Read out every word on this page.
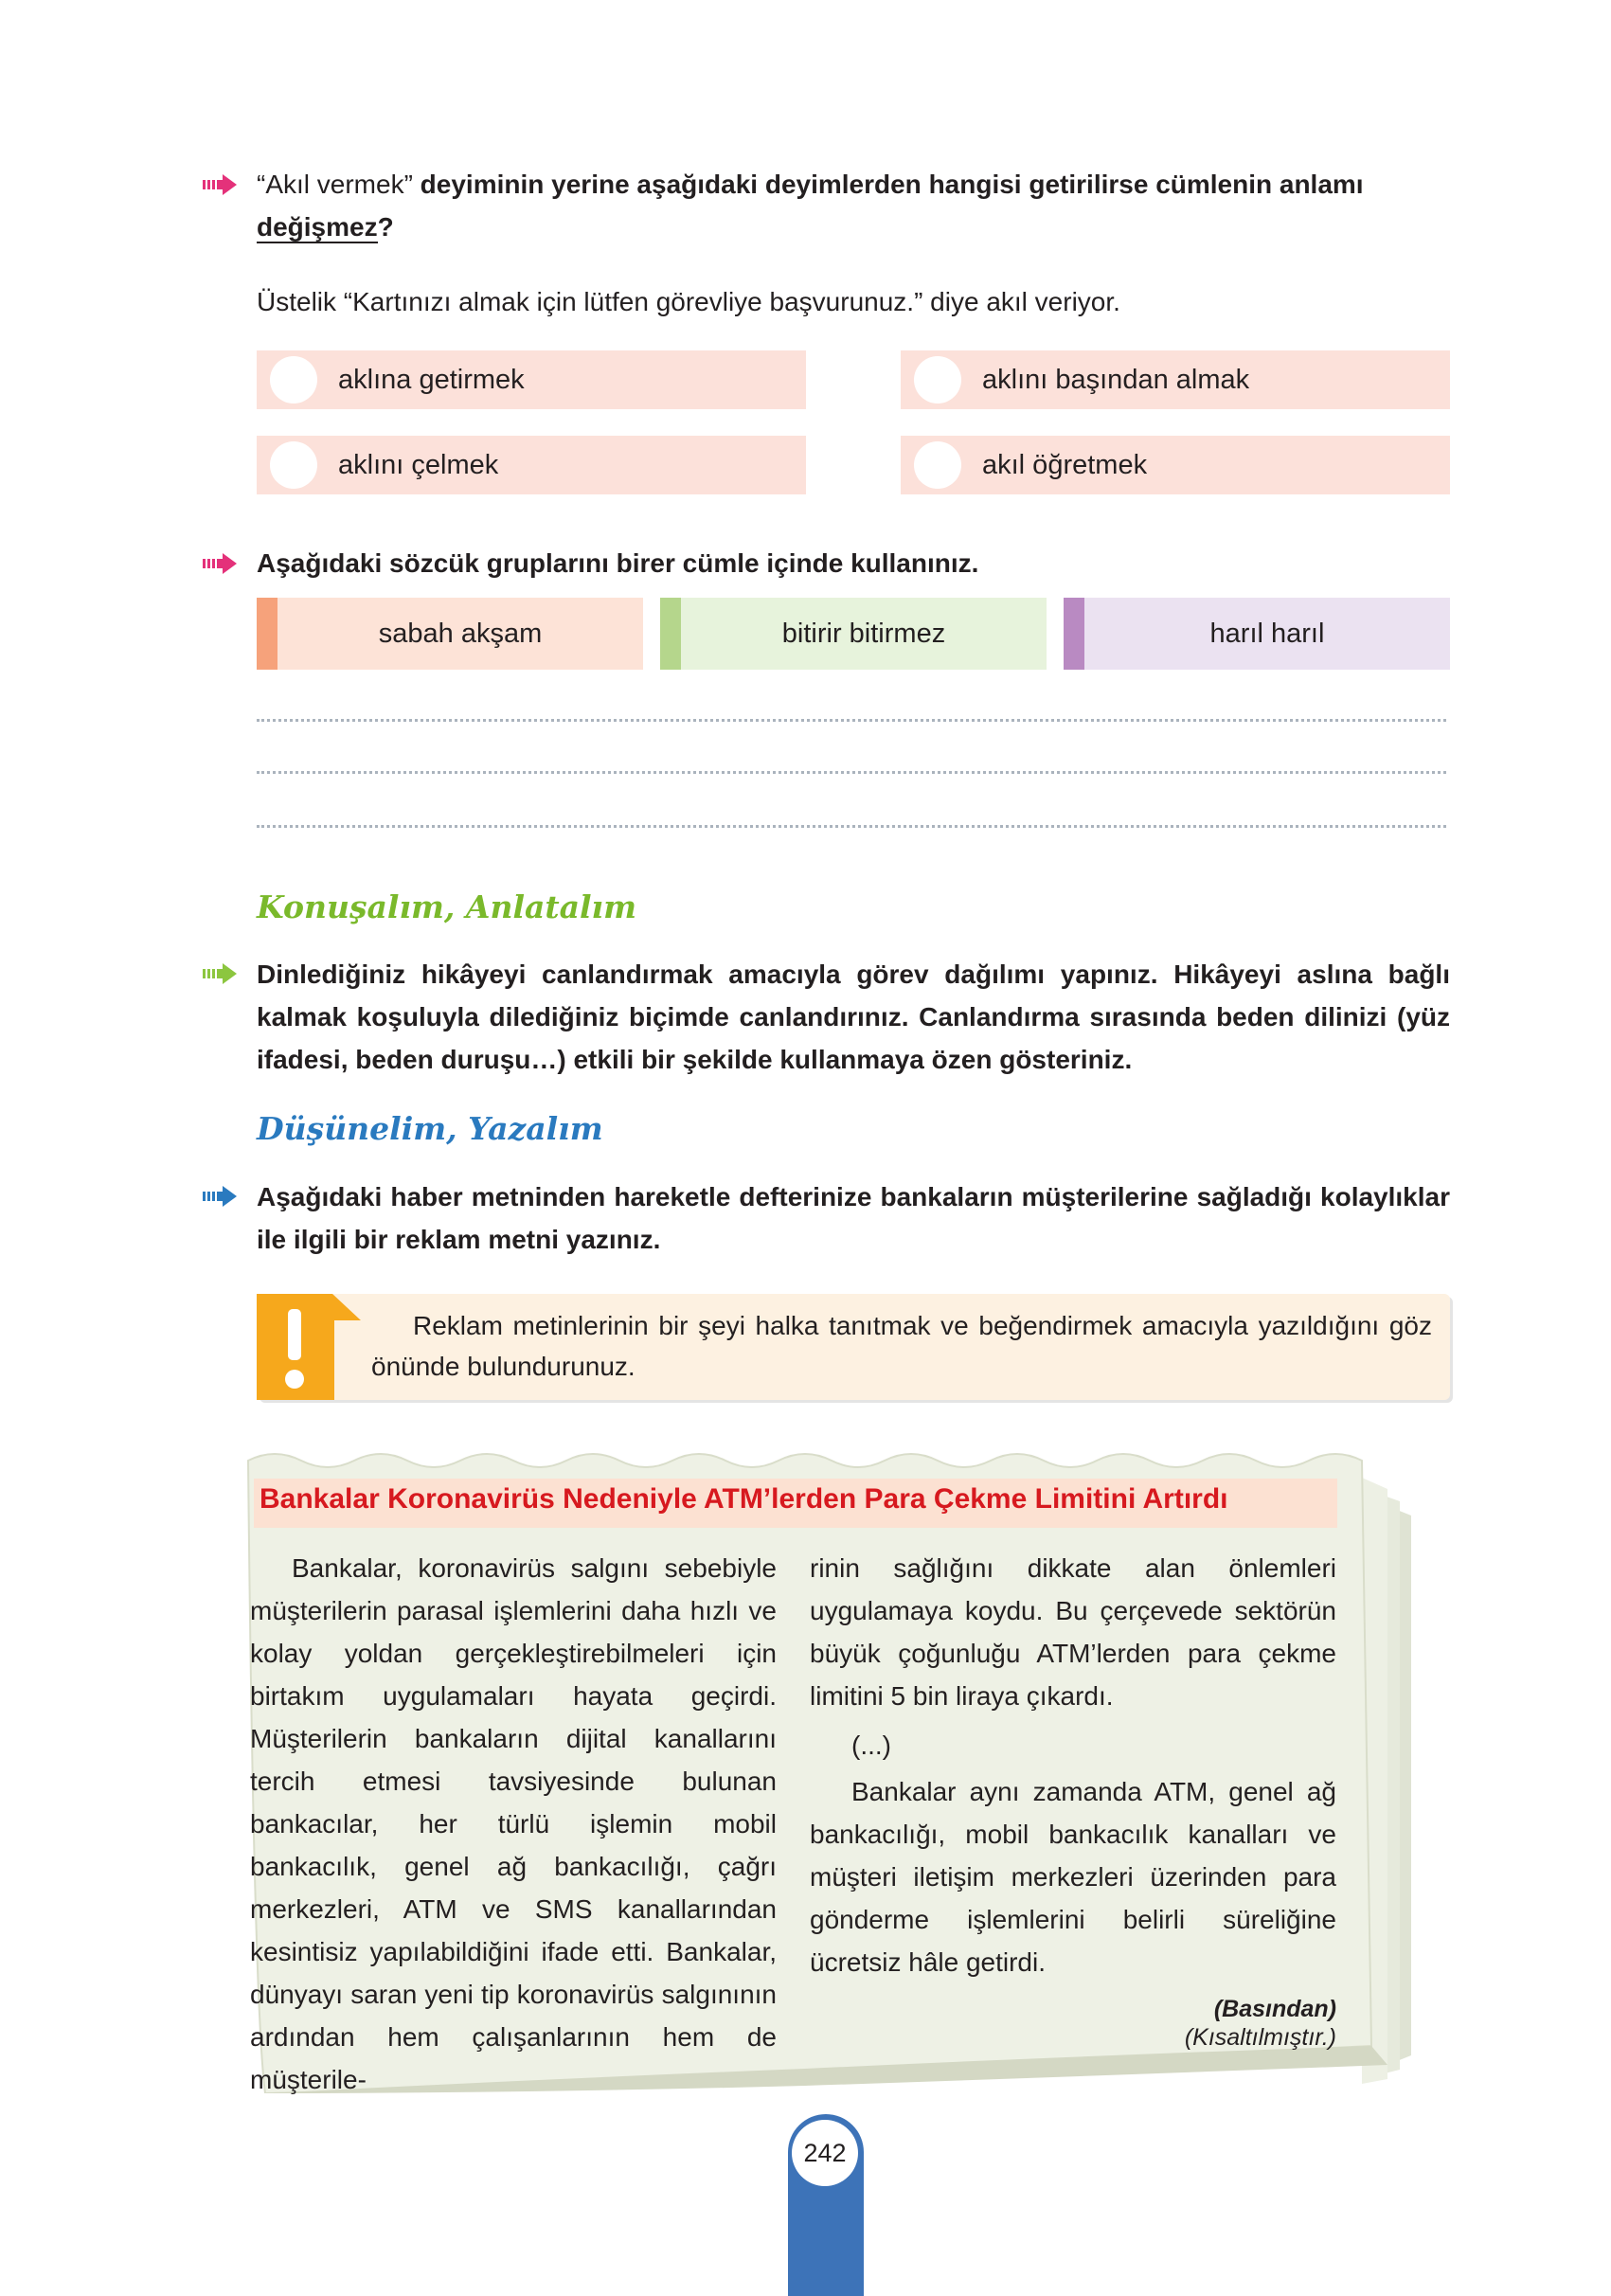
“Akıl vermek” deyiminin yerine aşağıdaki deyimlerden hangisi getirilirse cümlenin anlamı değişmez?
Üstelik “Kartınızı almak için lütfen görevliye başvurunuz.” diye akıl veriyor.
aklına getirmek	aklını başından almak
aklını çelmek	akıl öğretmek
Aşağıdaki sözcük gruplarını birer cümle içinde kullanınız.
sabah akşam	bitirir bitirmez	harıl harıl
Konuşalım, Anlatalım
Dinlediğiniz hikâyeyi canlandırmak amacıyla görev dağılımı yapınız. Hikâyeyi aslına bağlı kalmak koşuluyla dilediğiniz biçimde canlandırınız. Canlandırma sırasında beden dilinizi (yüz ifadesi, beden duruşu…) etkili bir şekilde kullanmaya özen gösteriniz.
Düşünelim, Yazalım
Aşağıdaki haber metninden hareketle defterinize bankaların müşterilerine sağladığı kolaylıklar ile ilgili bir reklam metni yazınız.
Reklam metinlerinin bir şeyi halka tanıtmak ve beğendirmek amacıyla yazıldığını göz önünde bulundurunuz.
Bankalar Koronavirüs Nedeniyle ATM’lerden Para Çekme Limitini Artırdı

Bankalar, koronavirüs salgını sebebiyle müşterilerin parasal işlemlerini daha hızlı ve kolay yoldan gerçekleştirebilmeleri için birtakım uygulamaları hayata geçirdi. Müşterilerin bankaların dijital kanallarını tercih etmesi tavsiyesinde bulunan bankacılar, her türlü işlemin mobil bankacılık, genel ağ bankacılığı, çağrı merkezleri, ATM ve SMS kanallarından kesintisiz yapılabildiğini ifade etti. Bankalar, dünyayı saran yeni tip koronavirüs salgınının ardından hem çalışanlarının hem de müşterile-

rinin sağlığını dikkate alan önlemleri uygulamaya koydu. Bu çerçevede sektörün büyük çoğunluğu ATM’lerden para çekme limitini 5 bin liraya çıkardı.

(...)

Bankalar aynı zamanda ATM, genel ağ bankacılığı, mobil bankacılık kanalları ve müşteri iletişim merkezleri üzerinden para gönderme işlemlerini belirli süreliğine ücretsiz hâle getirdi.

(Basından)

(Kısaltılmıştır.)

242
